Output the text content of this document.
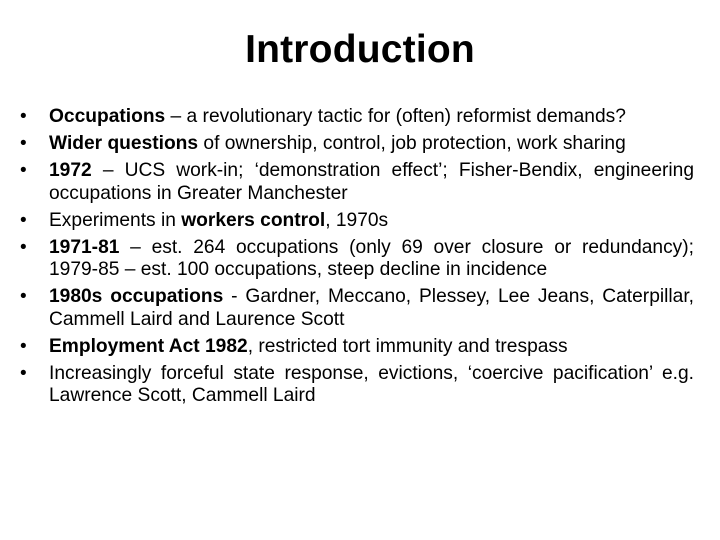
Introduction
• Occupations – a revolutionary tactic for (often) reformist demands?
• Wider questions of ownership, control, job protection, work sharing
• 1972 – UCS work-in; ‘demonstration effect’; Fisher-Bendix, engineering occupations in Greater Manchester
• Experiments in workers control, 1970s
• 1971-81 – est. 264 occupations (only 69 over closure or redundancy); 1979-85 – est. 100 occupations, steep decline in incidence
• 1980s occupations - Gardner, Meccano, Plessey, Lee Jeans, Caterpillar, Cammell Laird and Laurence Scott
• Employment Act 1982, restricted tort immunity and trespass
• Increasingly forceful state response, evictions, ‘coercive pacification’ e.g. Lawrence Scott, Cammell Laird
